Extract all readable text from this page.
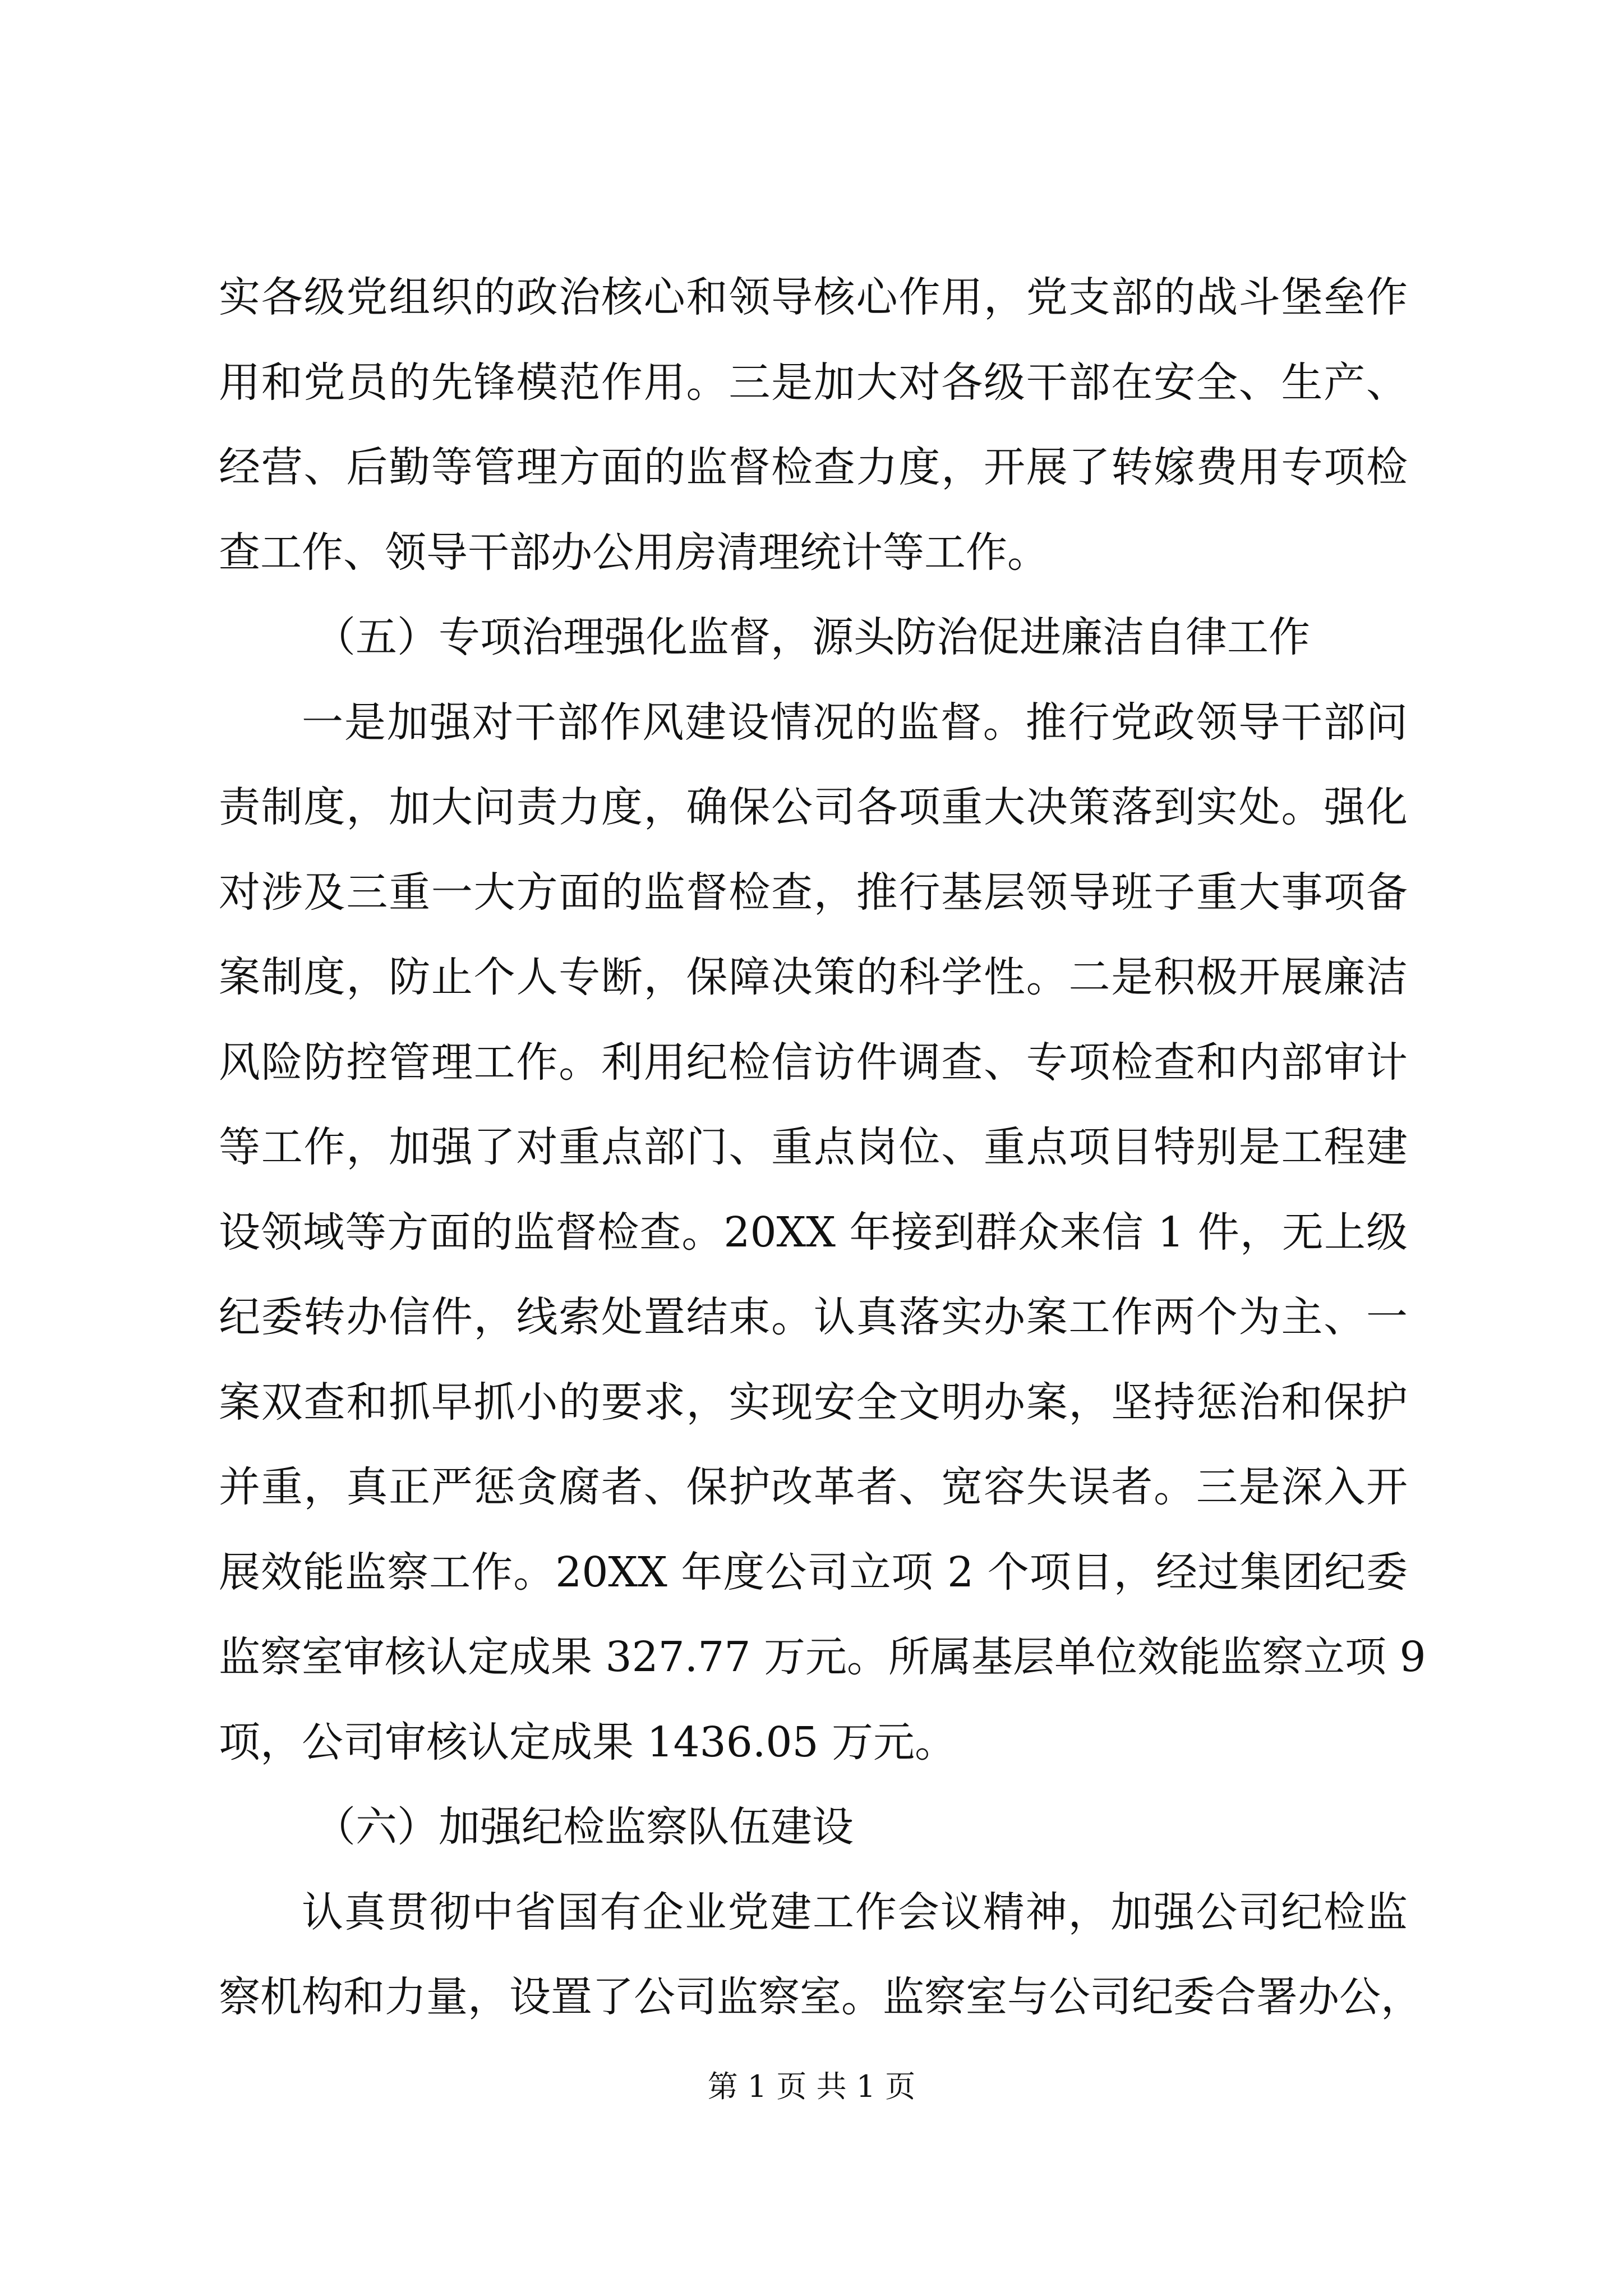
实各级党组织的政治核心和领导核心作用，党支部的战斗堡垒作
用和党员的先锋模范作用。三是加大对各级干部在安全、生产、
经营、后勤等管理方面的监督检查力度，开展了转嫁费用专项检
查工作、领导干部办公用房清理统计等工作。
（五）专项治理强化监督，源头防治促进廉洁自律工作
一是加强对干部作风建设情况的监督。推行党政领导干部问
责制度，加大问责力度，确保公司各项重大决策落到实处。强化
对涉及三重一大方面的监督检查，推行基层领导班子重大事项备
案制度，防止个人专断，保障决策的科学性。二是积极开展廉洁
风险防控管理工作。利用纪检信访件调查、专项检查和内部审计
等工作，加强了对重点部门、重点岗位、重点项目特别是工程建
设领域等方面的监督检查。20XX 年接到群众来信 1 件，无上级
纪委转办信件，线索处置结束。认真落实办案工作两个为主、一
案双查和抓早抓小的要求，实现安全文明办案，坚持惩治和保护
并重，真正严惩贪腐者、保护改革者、宽容失误者。三是深入开
展效能监察工作。20XX 年度公司立项 2 个项目，经过集团纪委
监察室审核认定成果 327.77 万元。所属基层单位效能监察立项 9
项，公司审核认定成果 1436.05 万元。
（六）加强纪检监察队伍建设
认真贯彻中省国有企业党建工作会议精神，加强公司纪检监
察机构和力量，设置了公司监察室。监察室与公司纪委合署办公，
第 1 页 共 1 页
